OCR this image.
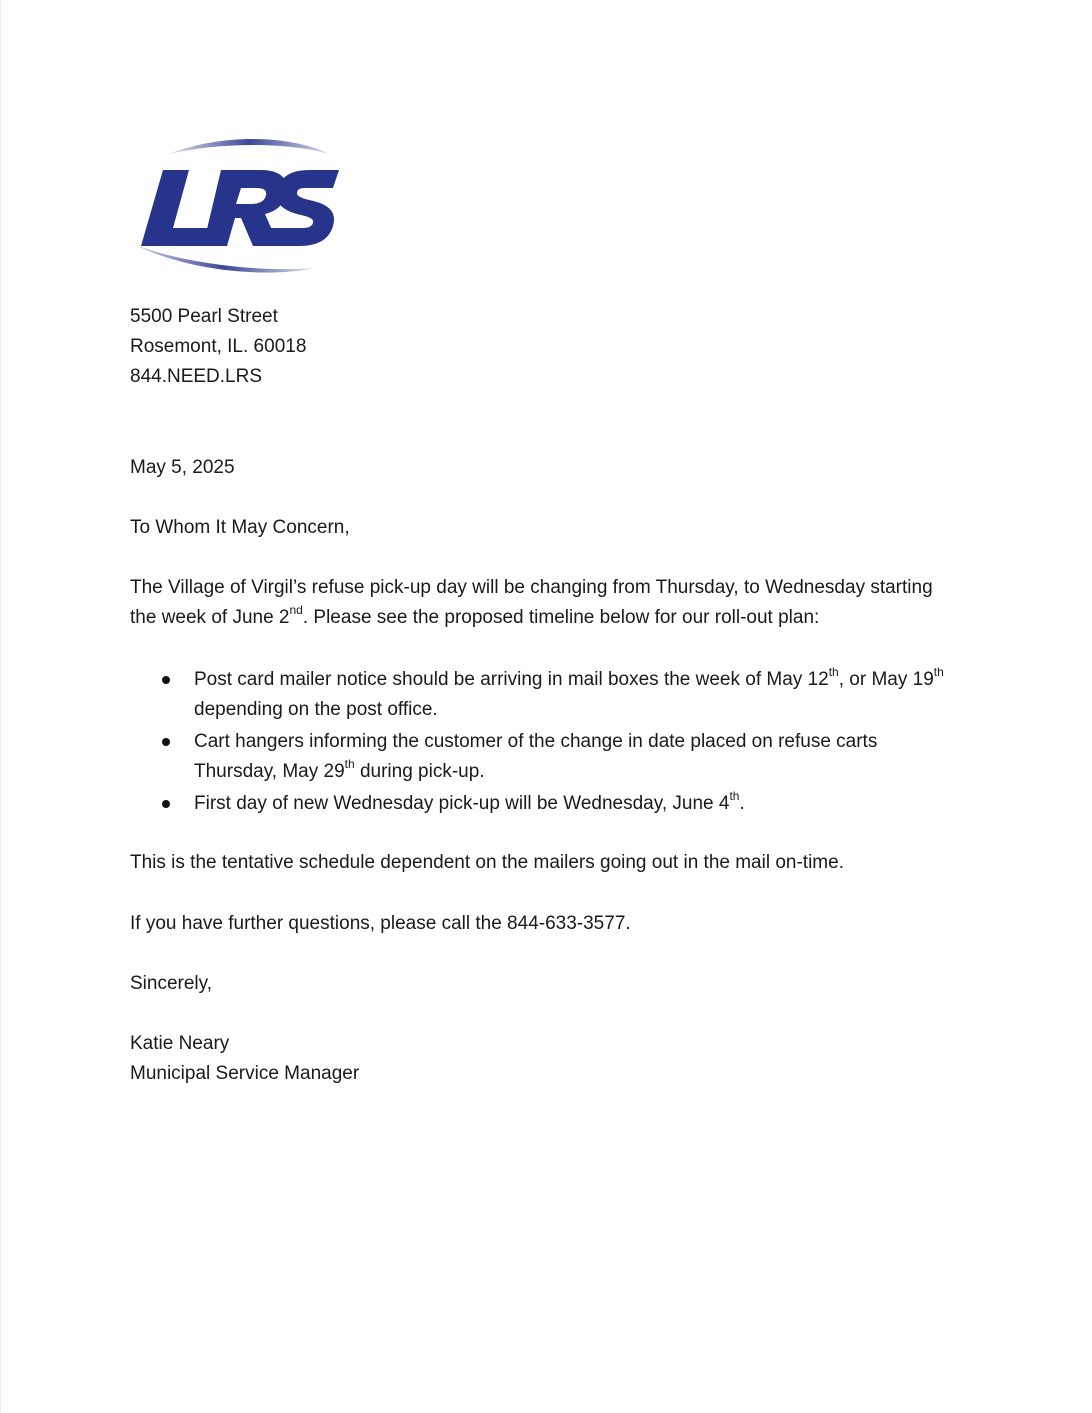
5500 Pearl Street
Rosemont, IL. 60018
844.NEED.LRS
May 5, 2025
To Whom It May Concern,

The Village of Virgil’s refuse pick-up day will be changing from Thursday, to Wednesday starting the week of June 2nd. Please see the proposed timeline below for our roll-out plan:

Post card mailer notice should be arriving in mail boxes the week of May 12th, or May 19th depending on the post office.
Cart hangers informing the customer of the change in date placed on refuse carts Thursday, May 29th during pick-up.
First day of new Wednesday pick-up will be Wednesday, June 4th.
This is the tentative schedule dependent on the mailers going out in the mail on-time.
If you have further questions, please call the 844-633-3577.
Sincerely,
Katie Neary
Municipal Service Manager
